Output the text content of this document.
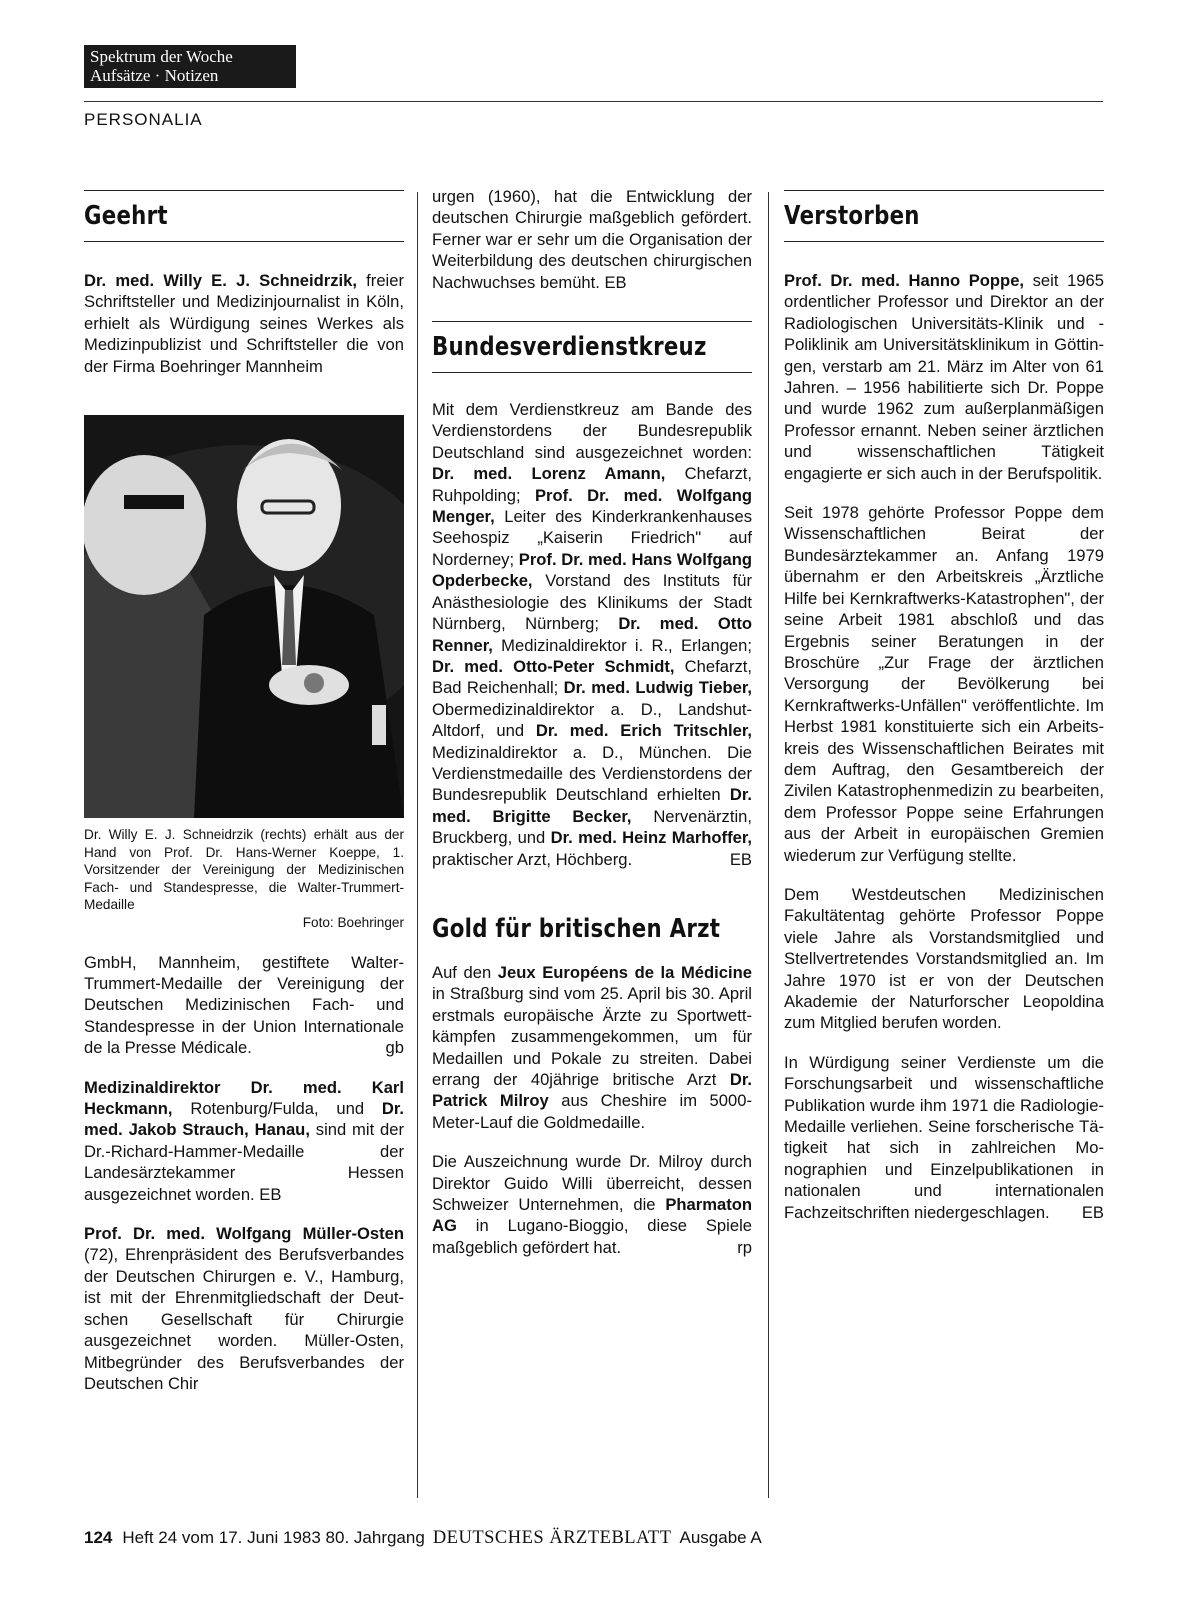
Spektrum der Woche
Aufsätze · Notizen
PERSONALIA
Geehrt

Dr. med. Willy E. J. Schneidrzik, freier Schriftsteller und Medizinjournalist in Köln, erhielt als Würdigung seines Werkes als Medizinpublizist und Schriftsteller die von der Firma Boehringer Mannheim

Dr. Willy E. J. Schneidrzik (rechts) erhält aus der Hand von Prof. Dr. Hans-Werner Koeppe, 1. Vorsitzender der Vereinigung der Medizinischen Fach- und Standespresse, die Walter-Trummert-Medaille
Foto: Boehringer

GmbH, Mannheim, gestiftete Walter-Trummert-Medaille der Vereinigung der Deutschen Medizinischen Fach- und Standespresse in der Union Internationale de la Presse Médicale.	gb

Medizinaldirektor Dr. med. Karl Heckmann, Rotenburg/Fulda, und Dr. med. Jakob Strauch, Hanau, sind mit der Dr.-Richard-Hammer-Medaille der Landesärztekammer Hessen ausgezeichnet worden. EB

Prof. Dr. med. Wolfgang Müller-Osten (72), Ehrenpräsident des Berufsverbandes der Deutschen Chirurgen e. V., Hamburg, ist mit der Ehrenmitgliedschaft der Deutschen Gesellschaft für Chirurgie ausgezeichnet worden. Müller-Osten, Mitbegründer des Berufsverbandes der Deutschen Chir

urgen (1960), hat die Entwicklung der deutschen Chirurgie maßgeblich gefördert. Ferner war er sehr um die Organisation der Weiterbildung des deutschen chirurgischen Nachwuchses bemüht. EB

Bundesverdienstkreuz

Mit dem Verdienstkreuz am Bande des Verdienstordens der Bundesrepublik Deutschland sind ausgezeichnet worden: Dr. med. Lorenz Amann, Chefarzt, Ruhpolding; Prof. Dr. med. Wolfgang Menger, Leiter des Kinderkrankenhauses Seehospiz „Kaiserin Friedrich" auf Norderney; Prof. Dr. med. Hans Wolfgang Opderbecke, Vorstand des Instituts für Anästhesiologie des Klinikums der Stadt Nürnberg, Nürnberg; Dr. med. Otto Renner, Medizinaldirektor i. R., Erlangen; Dr. med. Otto-Peter Schmidt, Chefarzt, Bad Reichenhall; Dr. med. Ludwig Tieber, Obermedizinaldirektor a. D., Landshut-Altdorf, und Dr. med. Erich Tritschler, Medizinaldirektor a. D., München. Die Verdienstmedaille des Verdienstordens der Bundesrepublik Deutschland erhielten Dr. med. Brigitte Becker, Nervenärztin, Bruckberg, und Dr. med. Heinz Marhoffer, praktischer Arzt, Höchberg.	EB

Gold für britischen Arzt

Auf den Jeux Européens de la Médicine in Straßburg sind vom 25. April bis 30. April erstmals europäische Ärzte zu Sportwettkämpfen zusammengekommen, um für Medaillen und Pokale zu streiten. Dabei errang der 40jährige britische Arzt Dr. Patrick Milroy aus Cheshire im 5000-Meter-Lauf die Goldmedaille.

Die Auszeichnung wurde Dr. Milroy durch Direktor Guido Willi überreicht, dessen Schweizer Unternehmen, die Pharmaton AG in Lugano-Bioggio, diese Spiele maßgeblich gefördert hat.	rp

Verstorben

Prof. Dr. med. Hanno Poppe, seit 1965 ordentlicher Professor und Direktor an der Radiologischen Universitäts-Klinik und -Poliklinik am Universitätsklinikum in Göttingen, verstarb am 21. März im Alter von 61 Jahren. – 1956 habilitierte sich Dr. Poppe und wurde 1962 zum außerplanmäßigen Professor ernannt. Neben seiner ärztlichen und wissenschaftlichen Tätigkeit engagierte er sich auch in der Berufspolitik.

Seit 1978 gehörte Professor Poppe dem Wissenschaftlichen Beirat der Bundesärztekammer an. Anfang 1979 übernahm er den Arbeitskreis „Ärztliche Hilfe bei Kernkraftwerks-Katastrophen", der seine Arbeit 1981 abschloß und das Ergebnis seiner Beratungen in der Broschüre „Zur Frage der ärztlichen Versorgung der Bevölkerung bei Kernkraftwerks-Unfällen" veröffentlichte. Im Herbst 1981 konstituierte sich ein Arbeitskreis des Wissenschaftlichen Beirates mit dem Auftrag, den Gesamtbereich der Zivilen Katastrophenmedizin zu bearbeiten, dem Professor Poppe seine Erfahrungen aus der Arbeit in europäischen Gremien wiederum zur Verfügung stellte.

Dem Westdeutschen Medizinischen Fakultätentag gehörte Professor Poppe viele Jahre als Vorstandsmitglied und Stellvertretendes Vorstandsmitglied an. Im Jahre 1970 ist er von der Deutschen Akademie der Naturforscher Leopoldina zum Mitglied berufen worden.

In Würdigung seiner Verdienste um die Forschungsarbeit und wissenschaftliche Publikation wurde ihm 1971 die Radiologie-Medaille verliehen. Seine forscherische Tätigkeit hat sich in zahlreichen Monographien und Einzelpublikationen in nationalen und internationalen Fachzeitschriften niedergeschlagen. EB

124 Heft 24 vom 17. Juni 1983 80. Jahrgang DEUTSCHES ÄRZTEBLATT Ausgabe A
